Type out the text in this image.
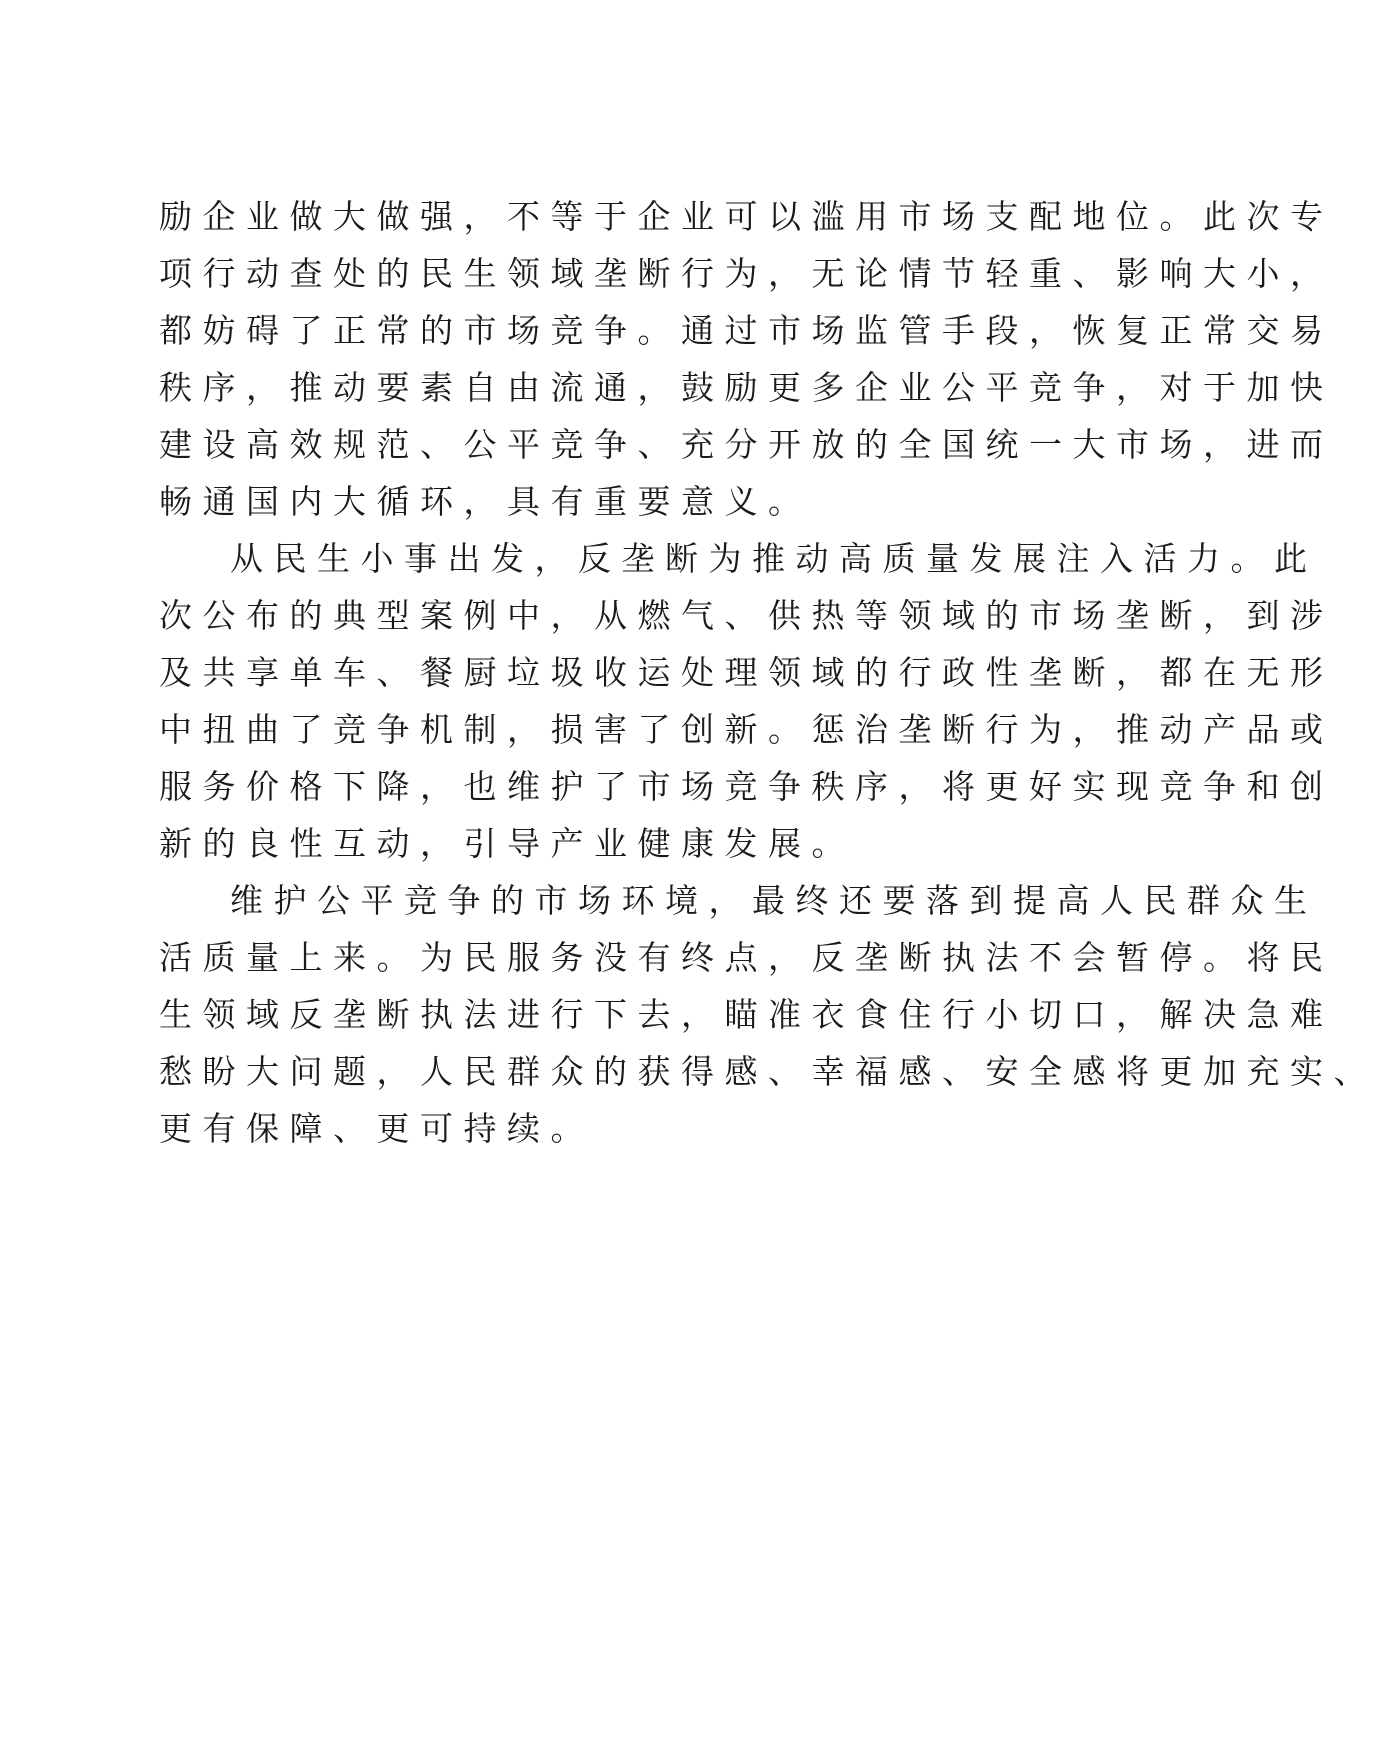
励企业做大做强，不等于企业可以滥用市场支配地位。此次专
项行动查处的民生领域垄断行为，无论情节轻重、影响大小，
都妨碍了正常的市场竞争。通过市场监管手段，恢复正常交易
秩序，推动要素自由流通，鼓励更多企业公平竞争，对于加快
建设高效规范、公平竞争、充分开放的全国统一大市场，进而
畅通国内大循环，具有重要意义。
从民生小事出发，反垄断为推动高质量发展注入活力。此
次公布的典型案例中，从燃气、供热等领域的市场垄断，到涉
及共享单车、餐厨垃圾收运处理领域的行政性垄断，都在无形
中扭曲了竞争机制，损害了创新。惩治垄断行为，推动产品或
服务价格下降，也维护了市场竞争秩序，将更好实现竞争和创
新的良性互动，引导产业健康发展。
维护公平竞争的市场环境，最终还要落到提高人民群众生
活质量上来。为民服务没有终点，反垄断执法不会暂停。将民
生领域反垄断执法进行下去，瞄准衣食住行小切口，解决急难
愁盼大问题，人民群众的获得感、幸福感、安全感将更加充实、
更有保障、更可持续。
